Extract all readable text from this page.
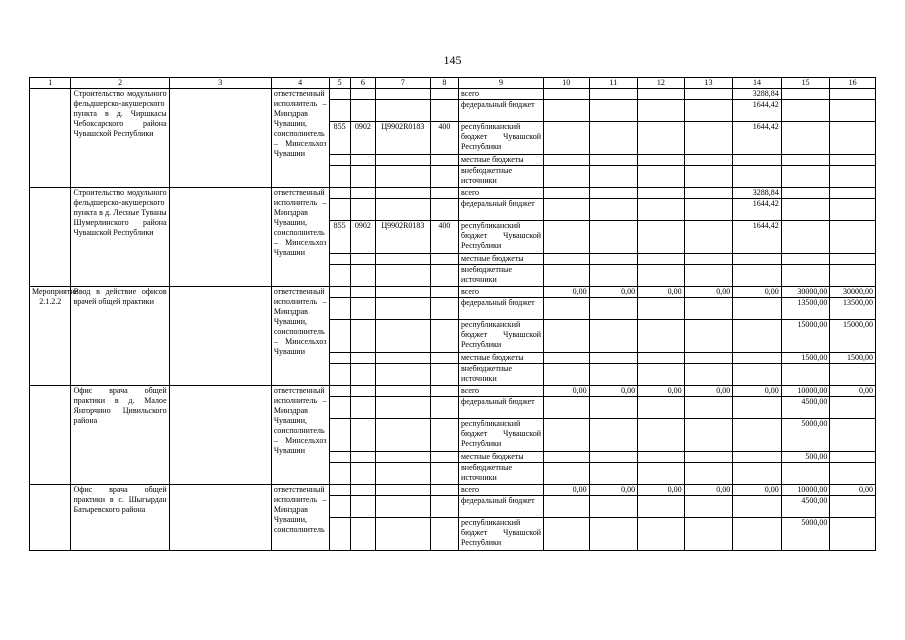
145
1	2	3	4	5	6	7	8	9	10	11	12	13	14	15	16
	Строительство модульного фельдшерско-акушерского пункта в д. Чиршкасы Чебоксарского района Чувашской Республики		ответственный исполнитель – Минздрав Чувашии, соисполнитель – Минсельхоз Чувашии					всего					3288,84		
								федеральный бюджет					1644,42		
				855	0902	Ц9902R0183	400	республиканский бюджет Чувашской Республики					1644,42		
								местные бюджеты							
								внебюджетные источники							
	Строительство модульного фельдшерско-акушерского пункта в д. Лесные Туваны Шумерлинского района Чувашской Республики		ответственный исполнитель – Минздрав Чувашии, соисполнитель – Минсельхоз Чувашии					всего					3288,84		
								федеральный бюджет					1644,42		
				855	0902	Ц9902R0183	400	республиканский бюджет Чувашской Республики					1644,42		
								местные бюджеты							
								внебюджетные источники							
Мероприятие 2.1.2.2	Ввод в действие офисов врачей общей практики		ответственный исполнитель – Минздрав Чувашии, соисполнитель – Минсельхоз Чувашии					всего	0,00	0,00	0,00	0,00	0,00	30000,00	30000,00
								федеральный бюджет						13500,00	13500,00
								республиканский бюджет Чувашской Республики						15000,00	15000,00
								местные бюджеты						1500,00	1500,00
								внебюджетные источники							
	Офис врача общей практики в д. Малое Янгорчино Цивильского района		ответственный исполнитель – Минздрав Чувашии, соисполнитель – Минсельхоз Чувашии					всего	0,00	0,00	0,00	0,00	0,00	10000,00	0,00
								федеральный бюджет						4500,00	
								республиканский бюджет Чувашской Республики						5000,00	
								местные бюджеты						500,00	
								внебюджетные источники							
	Офис врача общей практики в с. Шыгырдан Батыревского района		ответственный исполнитель – Минздрав Чувашии, соисполнитель					всего	0,00	0,00	0,00	0,00	0,00	10000,00	0,00
								федеральный бюджет						4500,00	
								республиканский бюджет Чувашской Республики						5000,00	
